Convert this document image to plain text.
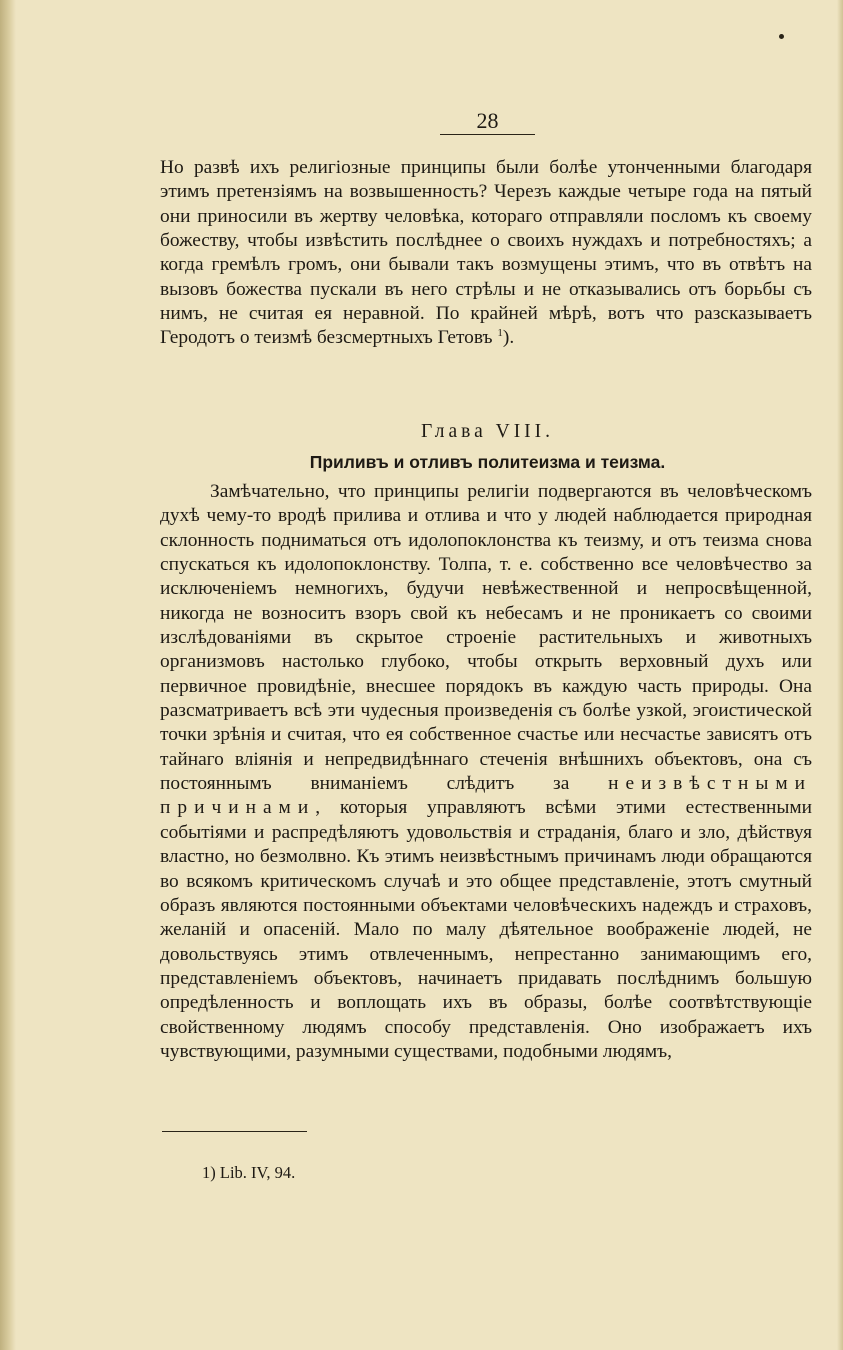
28

Но развѣ ихъ религіозные принципы были болѣе утонченными благодаря этимъ претензіямъ на возвышенность? Черезъ каждые четыре года на пятый они приносили въ жертву человѣка, котораго отправляли посломъ къ своему божеству, чтобы извѣстить послѣднее о своихъ нуждахъ и потребностяхъ; а когда гремѣлъ громъ, они бывали такъ возмущены этимъ, что въ отвѣтъ на вызовъ божества пускали въ него стрѣлы и не отказывались отъ борьбы съ нимъ, не считая ея неравной. По крайней мѣрѣ, вотъ что разсказываетъ Геродотъ о теизмѣ безсмертныхъ Гетовъ $^1$).

Глава VIII.
Приливъ и отливъ политеизма и теизма.

Замѣчательно, что принципы религіи подвергаются въ человѣческомъ духѣ чему-то вродѣ прилива и отлива и что у людей наблюдается природная склонность подниматься отъ идолопоклонства къ теизму, и отъ теизма снова спускаться къ идолопоклонству. Толпа, т. е. собственно все человѣчество за исключеніемъ немногихъ, будучи невѣжественной и непросвѣщенной, никогда не возноситъ взоръ свой къ небесамъ и не проникаетъ со своими изслѣдованіями въ скрытое строеніе растительныхъ и животныхъ организмовъ настолько глубоко, чтобы открыть верховный духъ или первичное провидѣніе, внесшее порядокъ въ каждую часть природы. Она разсматриваетъ всѣ эти чудесныя произведенія съ болѣе узкой, эгоистической точки зрѣнія и считая, что ея собственное счастье или несчастье зависятъ отъ тайнаго вліянія и непредвидѣннаго стеченія внѣшнихъ объектовъ, она съ постояннымъ вниманіемъ слѣдитъ за неизвѣстными причинами, которыя управляютъ всѣми этими естественными событіями и распредѣляютъ удовольствія и страданія, благо и зло, дѣйствуя властно, но безмолвно. Къ этимъ неизвѣстнымъ причинамъ люди обращаются во всякомъ критическомъ случаѣ и это общее представленіе, этотъ смутный образъ являются постоянными объектами человѣческихъ надеждъ и страховъ, желаній и опасеній. Мало по малу дѣятельное воображеніе людей, не довольствуясь этимъ отвлеченнымъ, непрестанно занимающимъ его, представленіемъ объектовъ, начинаетъ придавать послѣднимъ большую опредѣленность и воплощать ихъ въ образы, болѣе соотвѣтствующіе свойственному людямъ способу представленія. Оно изображаетъ ихъ чувствующими, разумными существами, подобными людямъ,

1) Lib. IV, 94.
